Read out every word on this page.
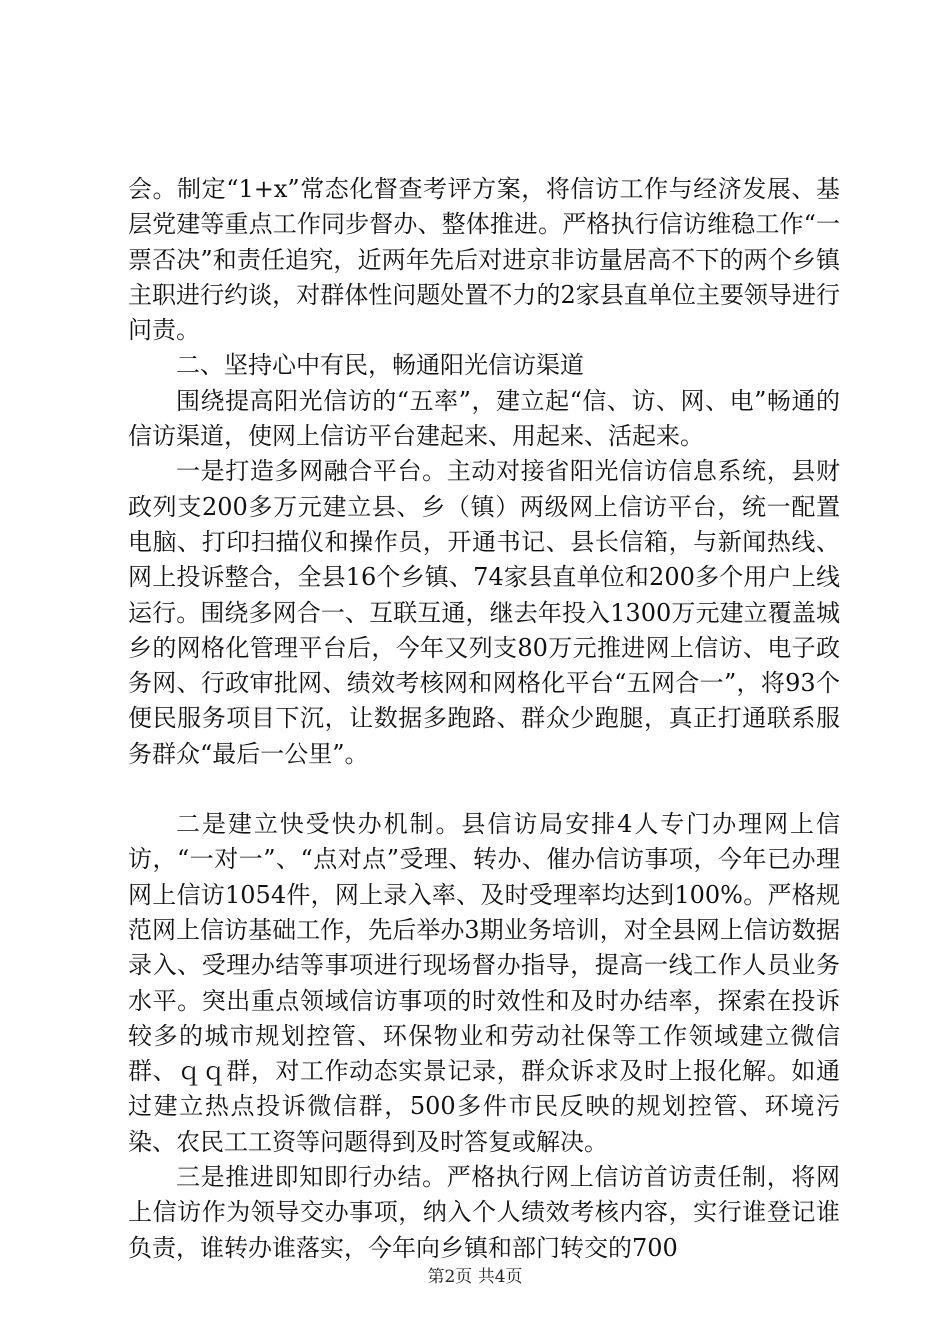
会。制定“1+x”常态化督查考评方案，将信访工作与经济发展、基层党建等重点工作同步督办、整体推进。严格执行信访维稳工作“一票否决”和责任追究，近两年先后对进京非访量居高不下的两个乡镇主职进行约谈，对群体性问题处置不力的2家县直单位主要领导进行问责。

二、坚持心中有民，畅通阳光信访渠道

围绕提高阳光信访的“五率”，建立起“信、访、网、电”畅通的信访渠道，使网上信访平台建起来、用起来、活起来。

一是打造多网融合平台。主动对接省阳光信访信息系统，县财政列支200多万元建立县、乡（镇）两级网上信访平台，统一配置电脑、打印扫描仪和操作员，开通书记、县长信箱，与新闻热线、网上投诉整合，全县16个乡镇、74家县直单位和200多个用户上线运行。围绕多网合一、互联互通，继去年投入1300万元建立覆盖城乡的网格化管理平台后，今年又列支80万元推进网上信访、电子政务网、行政审批网、绩效考核网和网格化平台“五网合一”，将93个便民服务项目下沉，让数据多跑路、群众少跑腿，真正打通联系服务群众“最后一公里”。

二是建立快受快办机制。县信访局安排4人专门办理网上信访，“一对一”、“点对点”受理、转办、催办信访事项，今年已办理网上信访1054件，网上录入率、及时受理率均达到100%。严格规范网上信访基础工作，先后举办3期业务培训，对全县网上信访数据录入、受理办结等事项进行现场督办指导，提高一线工作人员业务水平。突出重点领域信访事项的时效性和及时办结率，探索在投诉较多的城市规划控管、环保物业和劳动社保等工作领域建立微信群、ｑｑ群，对工作动态实景记录，群众诉求及时上报化解。如通过建立热点投诉微信群，500多件市民反映的规划控管、环境污染、农民工工资等问题得到及时答复或解决。

三是推进即知即行办结。严格执行网上信访首访责任制，将网上信访作为领导交办事项，纳入个人绩效考核内容，实行谁登记谁负责，谁转办谁落实，今年向乡镇和部门转交的700

第2页 共4页
